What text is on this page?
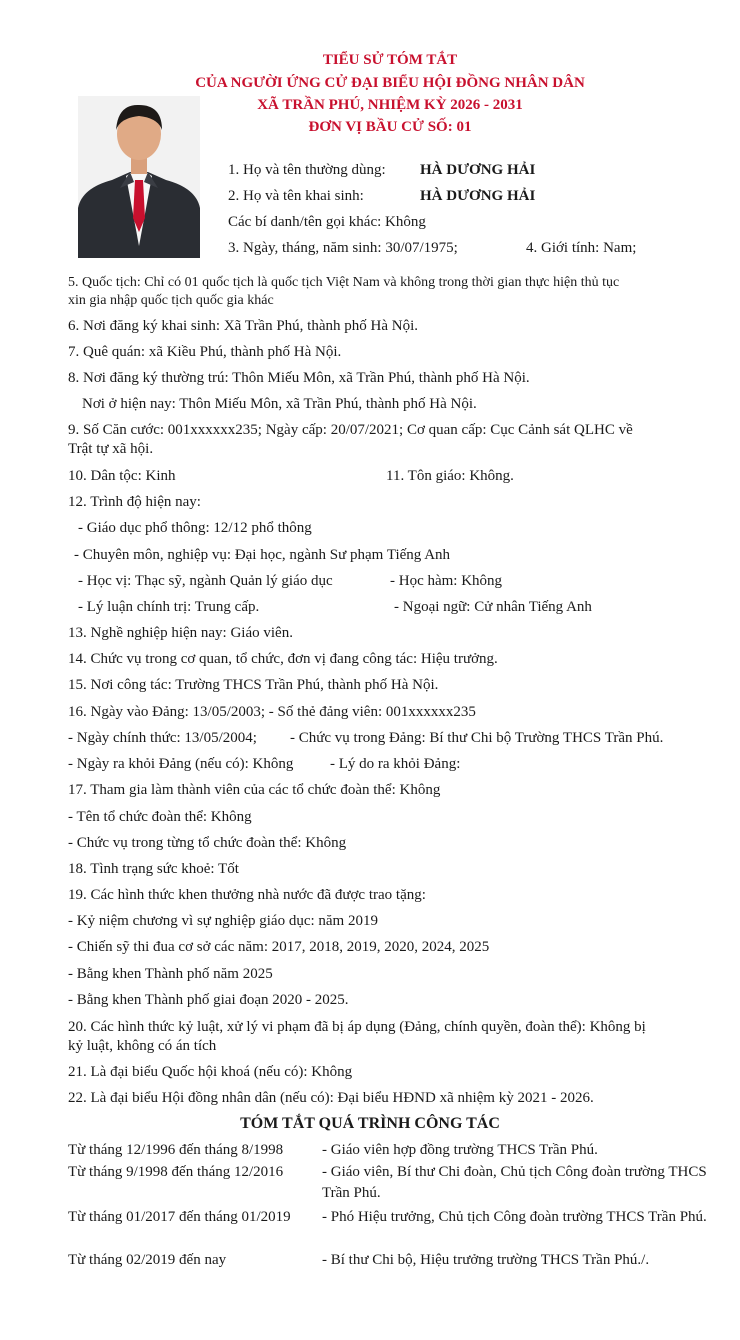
TIỂU SỬ TÓM TẮT
CỦA NGƯỜI ỨNG CỬ ĐẠI BIỂU HỘI ĐỒNG NHÂN DÂN
XÃ TRẦN PHÚ, NHIỆM KỲ 2026 - 2031
ĐƠN VỊ BẦU CỬ SỐ: 01
1. Họ và tên thường dùng: HÀ DƯƠNG HẢI
2. Họ và tên khai sinh:	HÀ DƯƠNG HẢI
Các bí danh/tên gọi khác: Không
3. Ngày, tháng, năm sinh: 30/07/1975;	4. Giới tính: Nam;
5. Quốc tịch: Chỉ có 01 quốc tịch là quốc tịch Việt Nam và không trong thời gian thực hiện thủ tục
xin gia nhập quốc tịch quốc gia khác
6. Nơi đăng ký khai sinh: Xã Trần Phú, thành phố Hà Nội.
7. Quê quán: xã Kiều Phú, thành phố Hà Nội.
8. Nơi đăng ký thường trú: Thôn Miếu Môn, xã Trần Phú, thành phố Hà Nội.
Nơi ở hiện nay: Thôn Miếu Môn, xã Trần Phú, thành phố Hà Nội.
9. Số Căn cước: 001xxxxxx235; Ngày cấp: 20/07/2021; Cơ quan cấp: Cục Cảnh sát QLHC về
Trật tự xã hội.
10. Dân tộc: Kinh	11. Tôn giáo: Không.
12. Trình độ hiện nay:
- Giáo dục phổ thông: 12/12 phổ thông
- Chuyên môn, nghiệp vụ: Đại học, ngành Sư phạm Tiếng Anh
- Học vị: Thạc sỹ, ngành Quản lý giáo dục	- Học hàm: Không
- Lý luận chính trị: Trung cấp.	- Ngoại ngữ: Cử nhân Tiếng Anh
13. Nghề nghiệp hiện nay: Giáo viên.
14. Chức vụ trong cơ quan, tổ chức, đơn vị đang công tác: Hiệu trưởng.
15. Nơi công tác: Trường THCS Trần Phú, thành phố Hà Nội.
16. Ngày vào Đảng: 13/05/2003; - Số thẻ đảng viên: 001xxxxxx235
- Ngày chính thức: 13/05/2004; - Chức vụ trong Đảng: Bí thư Chi bộ Trường THCS Trần Phú.
- Ngày ra khỏi Đảng (nếu có): Không - Lý do ra khỏi Đảng:
17. Tham gia làm thành viên của các tổ chức đoàn thể: Không
- Tên tổ chức đoàn thể: Không
- Chức vụ trong từng tổ chức đoàn thể: Không
18. Tình trạng sức khoẻ: Tốt
19. Các hình thức khen thưởng nhà nước đã được trao tặng:
- Kỷ niệm chương vì sự nghiệp giáo dục: năm 2019
- Chiến sỹ thi đua cơ sở các năm: 2017, 2018, 2019, 2020, 2024, 2025
- Bằng khen Thành phố năm 2025
- Bằng khen Thành phố giai đoạn 2020 - 2025.
20. Các hình thức kỷ luật, xử lý vi phạm đã bị áp dụng (Đảng, chính quyền, đoàn thể): Không bị
kỷ luật, không có án tích
21. Là đại biểu Quốc hội khoá (nếu có): Không
22. Là đại biểu Hội đồng nhân dân (nếu có): Đại biểu HĐND xã nhiệm kỳ 2021 - 2026.
TÓM TẮT QUÁ TRÌNH CÔNG TÁC
Từ tháng 12/1996 đến tháng 8/1998	- Giáo viên hợp đồng trường THCS Trần Phú.
Từ tháng 9/1998 đến tháng 12/2016	- Giáo viên, Bí thư Chi đoàn, Chủ tịch Công đoàn trường THCS Trần Phú.
Từ tháng 01/2017 đến tháng 01/2019	- Phó Hiệu trưởng, Chủ tịch Công đoàn trường THCS Trần Phú.
Từ tháng 02/2019 đến nay	- Bí thư Chi bộ, Hiệu trưởng trường THCS Trần Phú./.
